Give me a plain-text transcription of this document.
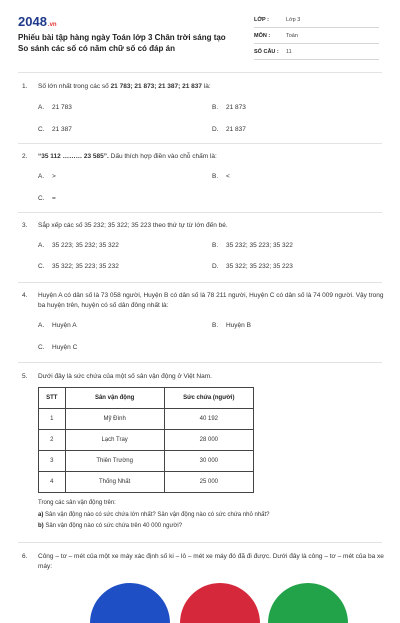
2048.vn
Phiếu bài tập hàng ngày Toán lớp 3 Chân trời sáng tạo So sánh các số có năm chữ số có đáp án
LỚP :	Lớp 3
MÔN :	Toán
SỐ CÂU : 11
1. Số lớn nhất trong các số 21 783; 21 873; 21 387; 21 837 là:
A. 21 783	B. 21 873
C. 21 387	D. 21 837
2. “35 112 ……… 23 585”. Dấu thích hợp điền vào chỗ chấm là:
A. >	B. <
C. =
3. Sắp xếp các số 35 232; 35 322; 35 223 theo thứ tự từ lớn đến bé.
A. 35 223; 35 232; 35 322	B. 35 232; 35 223; 35 322
C. 35 322; 35 223; 35 232	D. 35 322; 35 232; 35 223
4. Huyện A có dân số là 73 058 người, Huyện B có dân số là 78 211 người, Huyện C có dân số là 74 009 người. Vậy trong ba huyện trên, huyện có số dân đông nhất là:
A. Huyện A	B. Huyện B
C. Huyện C
5. Dưới đây là sức chứa của một số sân vận động ở Việt Nam.
STT	Sân vận động	Sức chứa (người)
1	Mỹ Đình	40 192
2	Lạch Tray	28 000
3	Thiên Trường	30 000
4	Thống Nhất	25 000
Trong các sân vận động trên:
a) Sân vận động nào có sức chứa lớn nhất? Sân vận động nào có sức chứa nhỏ nhất?
b) Sân vận động nào có sức chứa trên 40 000 người?
6. Công – tơ – mét của một xe máy xác định số ki – lô – mét xe máy đó đã đi được. Dưới đây là công – tơ – mét của ba xe máy:
